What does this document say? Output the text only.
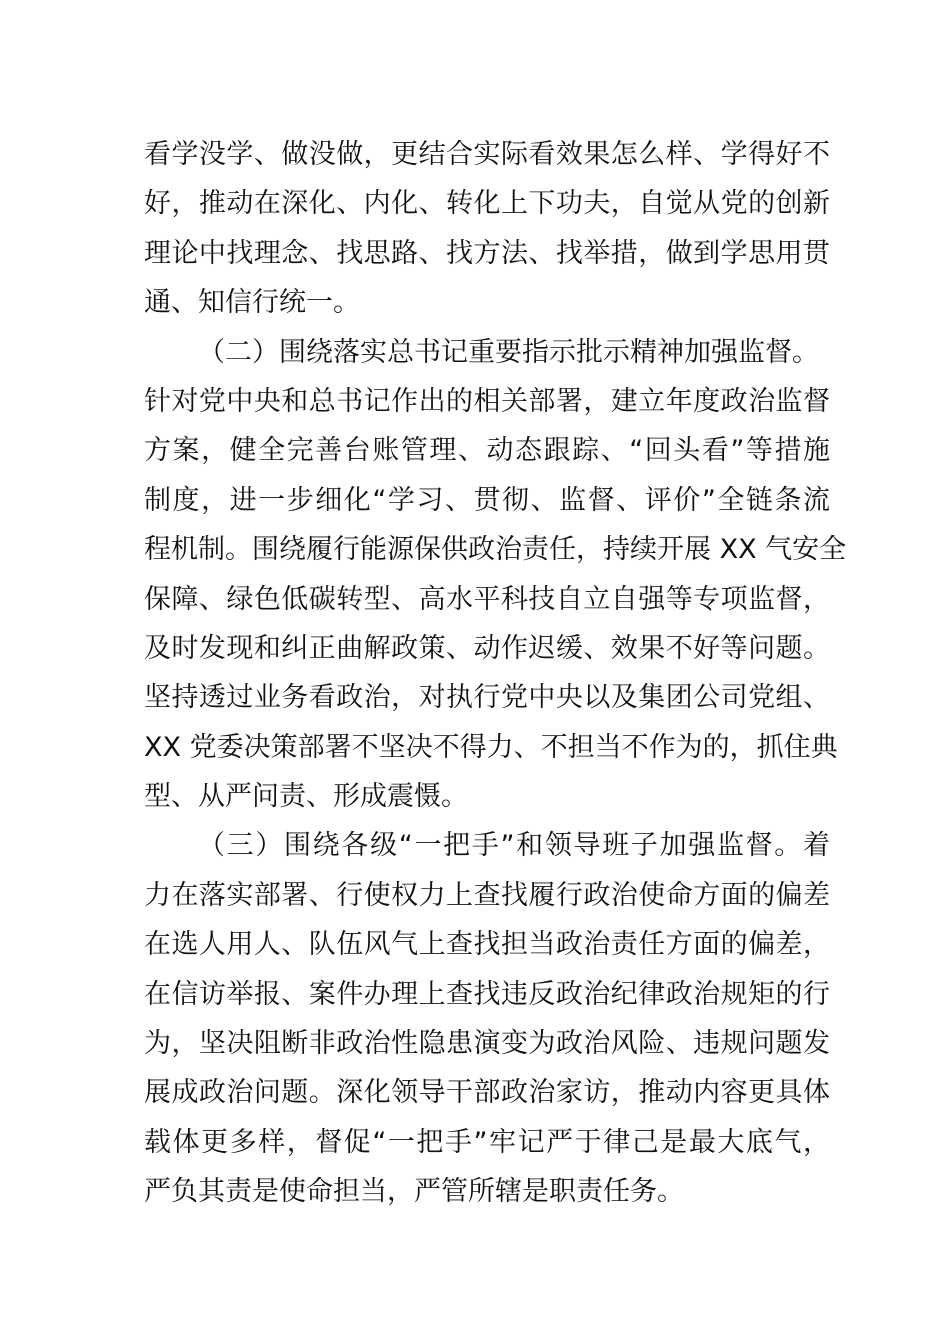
看学没学、做没做，更结合实际看效果怎么样、学得好不
好，推动在深化、内化、转化上下功夫，自觉从党的创新
理论中找理念、找思路、找方法、找举措，做到学思用贯
通、知信行统一。
（二）围绕落实总书记重要指示批示精神加强监督。
针对党中央和总书记作出的相关部署，建立年度政治监督
方案，健全完善台账管理、动态跟踪、“回头看”等措施
制度，进一步细化“学习、贯彻、监督、评价”全链条流
程机制。围绕履行能源保供政治责任，持续开展 XX 气安全
保障、绿色低碳转型、高水平科技自立自强等专项监督，
及时发现和纠正曲解政策、动作迟缓、效果不好等问题。
坚持透过业务看政治，对执行党中央以及集团公司党组、
XX 党委决策部署不坚决不得力、不担当不作为的，抓住典
型、从严问责、形成震慑。
（三）围绕各级“一把手”和领导班子加强监督。着
力在落实部署、行使权力上查找履行政治使命方面的偏差
在选人用人、队伍风气上查找担当政治责任方面的偏差，
在信访举报、案件办理上查找违反政治纪律政治规矩的行
为，坚决阻断非政治性隐患演变为政治风险、违规问题发
展成政治问题。深化领导干部政治家访，推动内容更具体
载体更多样，督促“一把手”牢记严于律己是最大底气，
严负其责是使命担当，严管所辖是职责任务。
